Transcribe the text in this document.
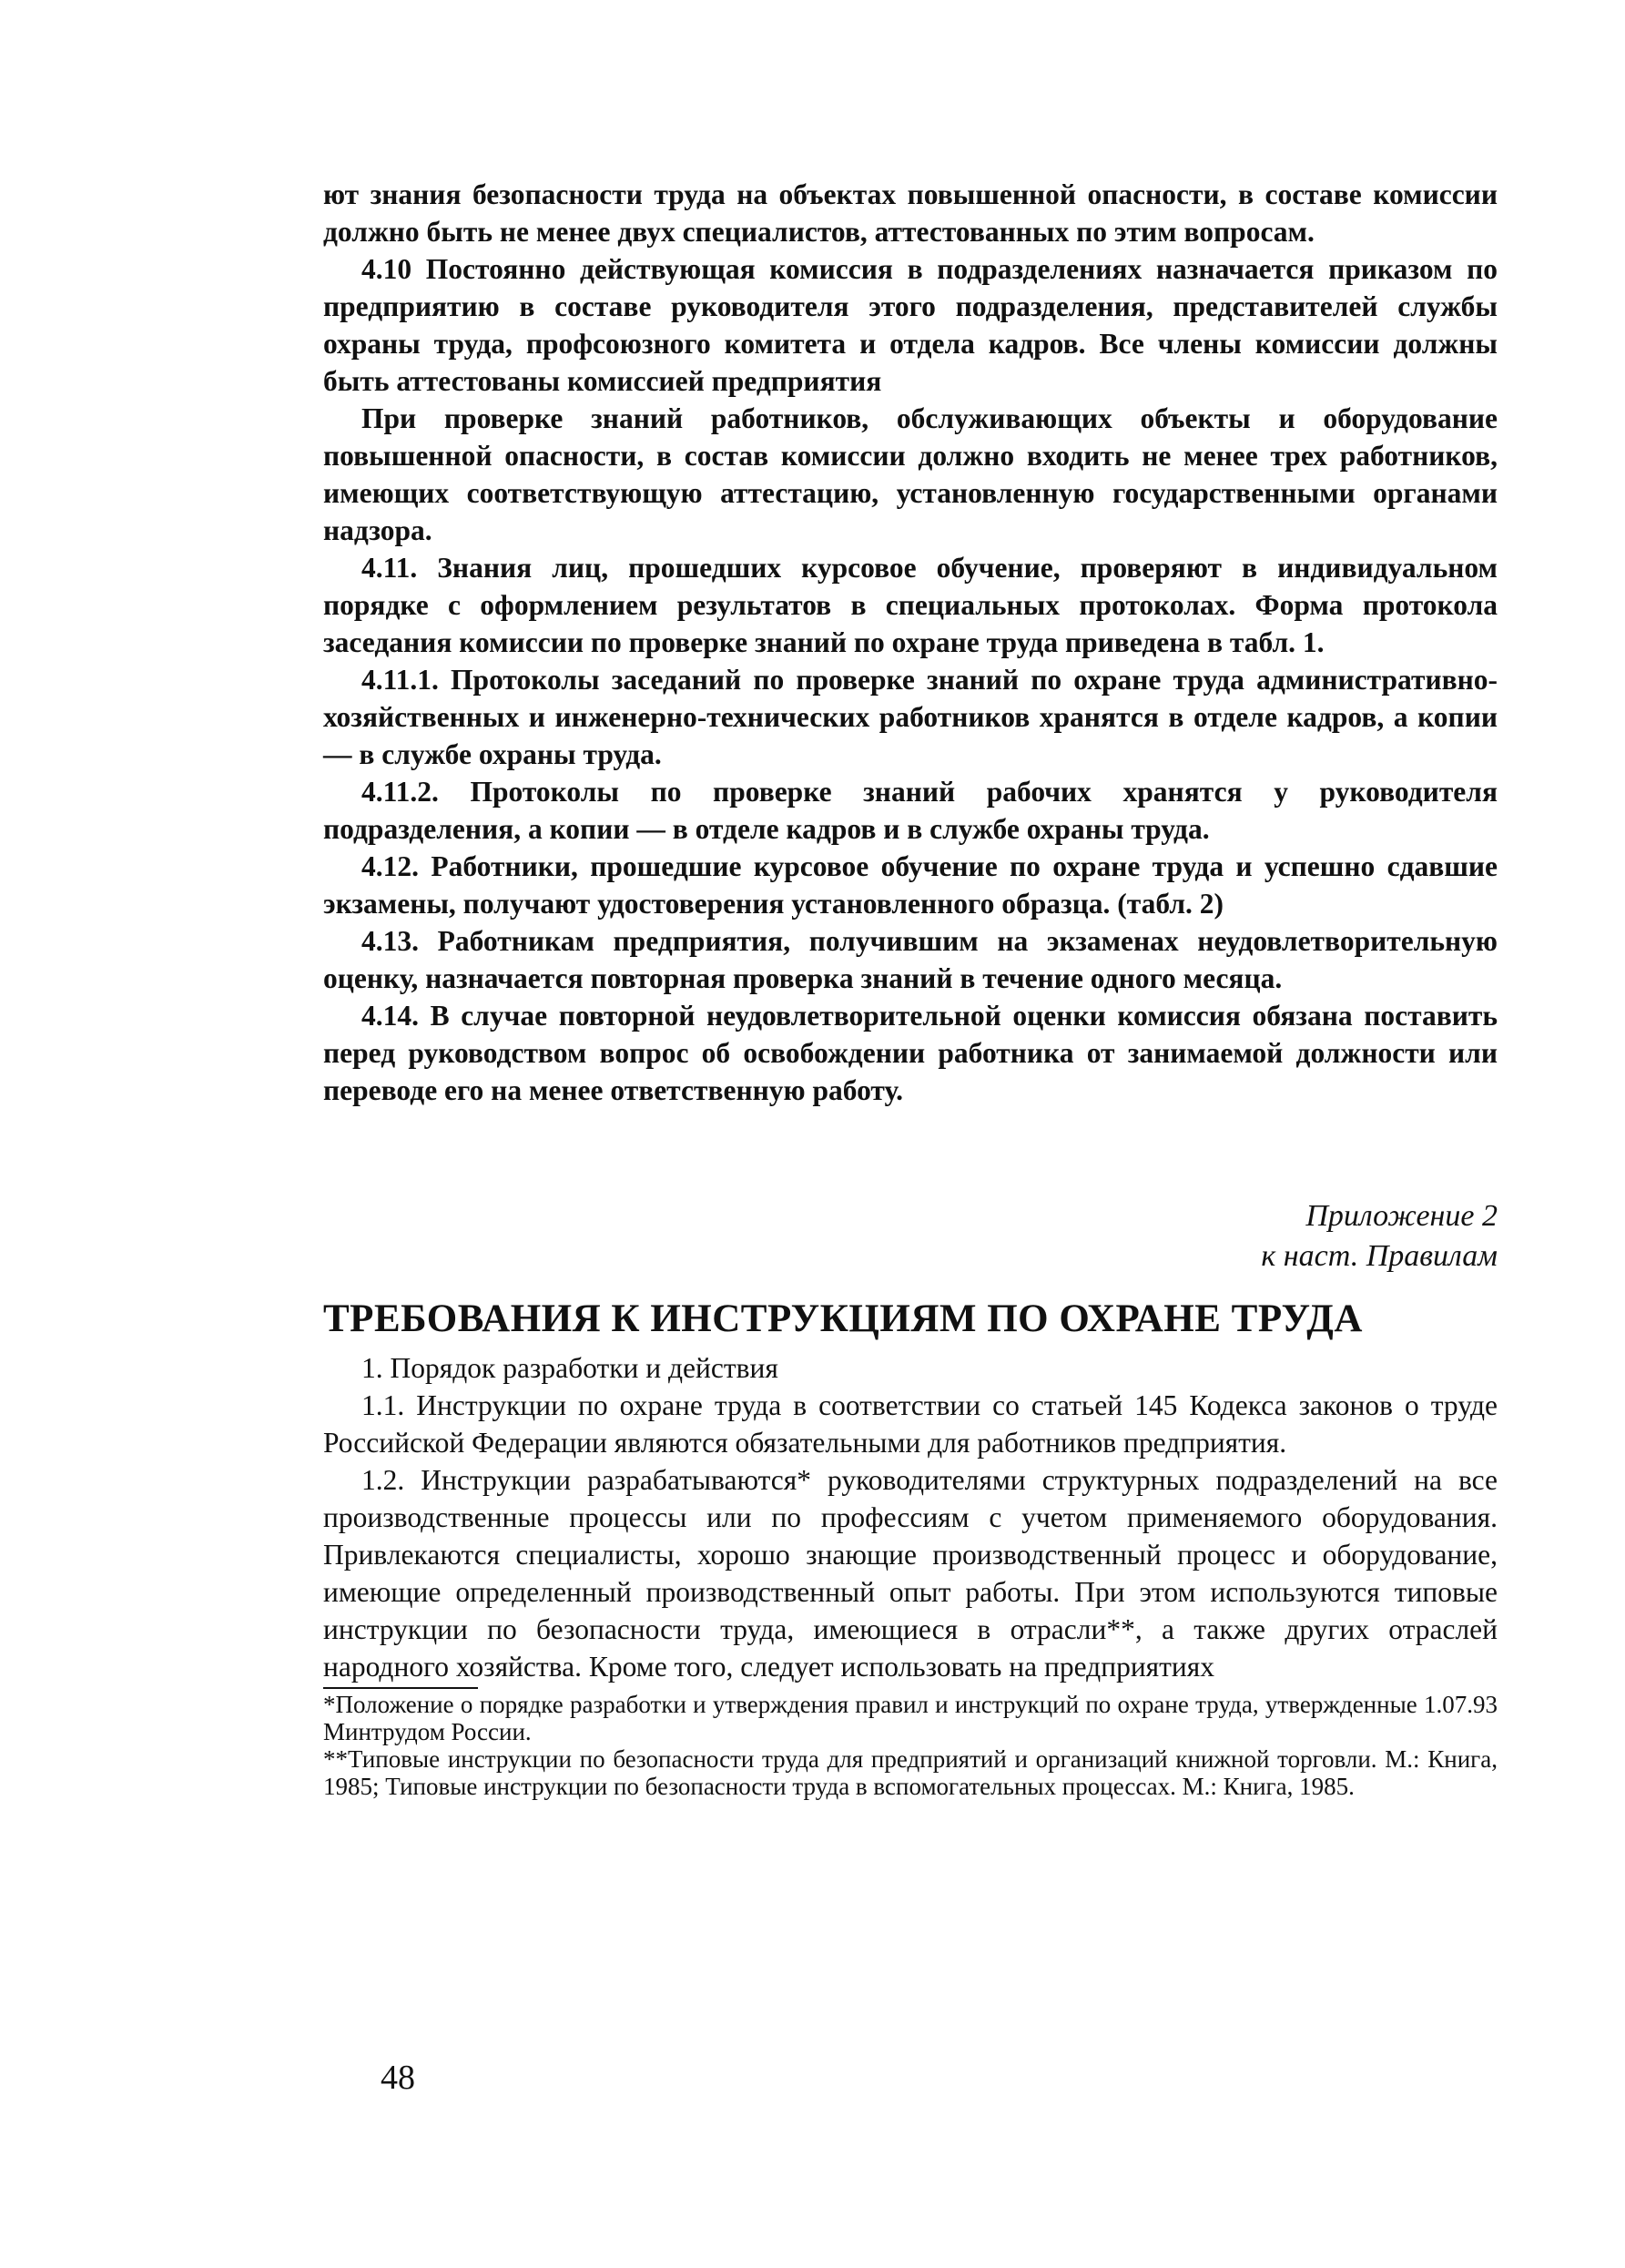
ют знания безопасности труда на объектах повышенной опасности, в составе комиссии должно быть не менее двух специалистов, аттестованных по этим вопросам.

4.10 Постоянно действующая комиссия в подразделениях назначается приказом по предприятию в составе руководителя этого подразделения, представителей службы охраны труда, профсоюзного комитета и отдела кадров. Все члены комиссии должны быть аттестованы комиссией предприятия

При проверке знаний работников, обслуживающих объекты и оборудование повышенной опасности, в состав комиссии должно входить не менее трех работников, имеющих соответствующую аттестацию, установленную государственными органами надзора.

4.11. Знания лиц, прошедших курсовое обучение, проверяют в индивидуальном порядке с оформлением результатов в специальных протоколах. Форма протокола заседания комиссии по проверке знаний по охране труда приведена в табл. 1.

4.11.1. Протоколы заседаний по проверке знаний по охране труда административно-хозяйственных и инженерно-технических работников хранятся в отделе кадров, а копии — в службе охраны труда.

4.11.2. Протоколы по проверке знаний рабочих хранятся у руководителя подразделения, а копии — в отделе кадров и в службе охраны труда.

4.12. Работники, прошедшие курсовое обучение по охране труда и успешно сдавшие экзамены, получают удостоверения установленного образца. (табл. 2)

4.13. Работникам предприятия, получившим на экзаменах неудовлетворительную оценку, назначается повторная проверка знаний в течение одного месяца.

4.14. В случае повторной неудовлетворительной оценки комиссия обязана поставить перед руководством вопрос об освобождении работника от занимаемой должности или переводе его на менее ответственную работу.

Приложение 2
к наст. Правилам
ТРЕБОВАНИЯ К ИНСТРУКЦИЯМ ПО ОХРАНЕ ТРУДА

1. Порядок разработки и действия

1.1. Инструкции по охране труда в соответствии со статьей 145 Кодекса законов о труде Российской Федерации являются обязательными для работников предприятия.

1.2. Инструкции разрабатываются* руководителями структурных подразделений на все производственные процессы или по профессиям с учетом применяемого оборудования. Привлекаются специалисты, хорошо знающие производственный процесс и оборудование, имеющие определенный производственный опыт работы. При этом используются типовые инструкции по безопасности труда, имеющиеся в отрасли**, а также других отраслей народного хозяйства. Кроме того, следует использовать на предприятиях

*Положение о порядке разработки и утверждения правил и инструкций по охране труда, утвержденные 1.07.93 Минтрудом России.

**Типовые инструкции по безопасности труда для предприятий и организаций книжной торговли. М.: Книга, 1985; Типовые инструкции по безопасности труда в вспомогательных процессах. М.: Книга, 1985.

48
